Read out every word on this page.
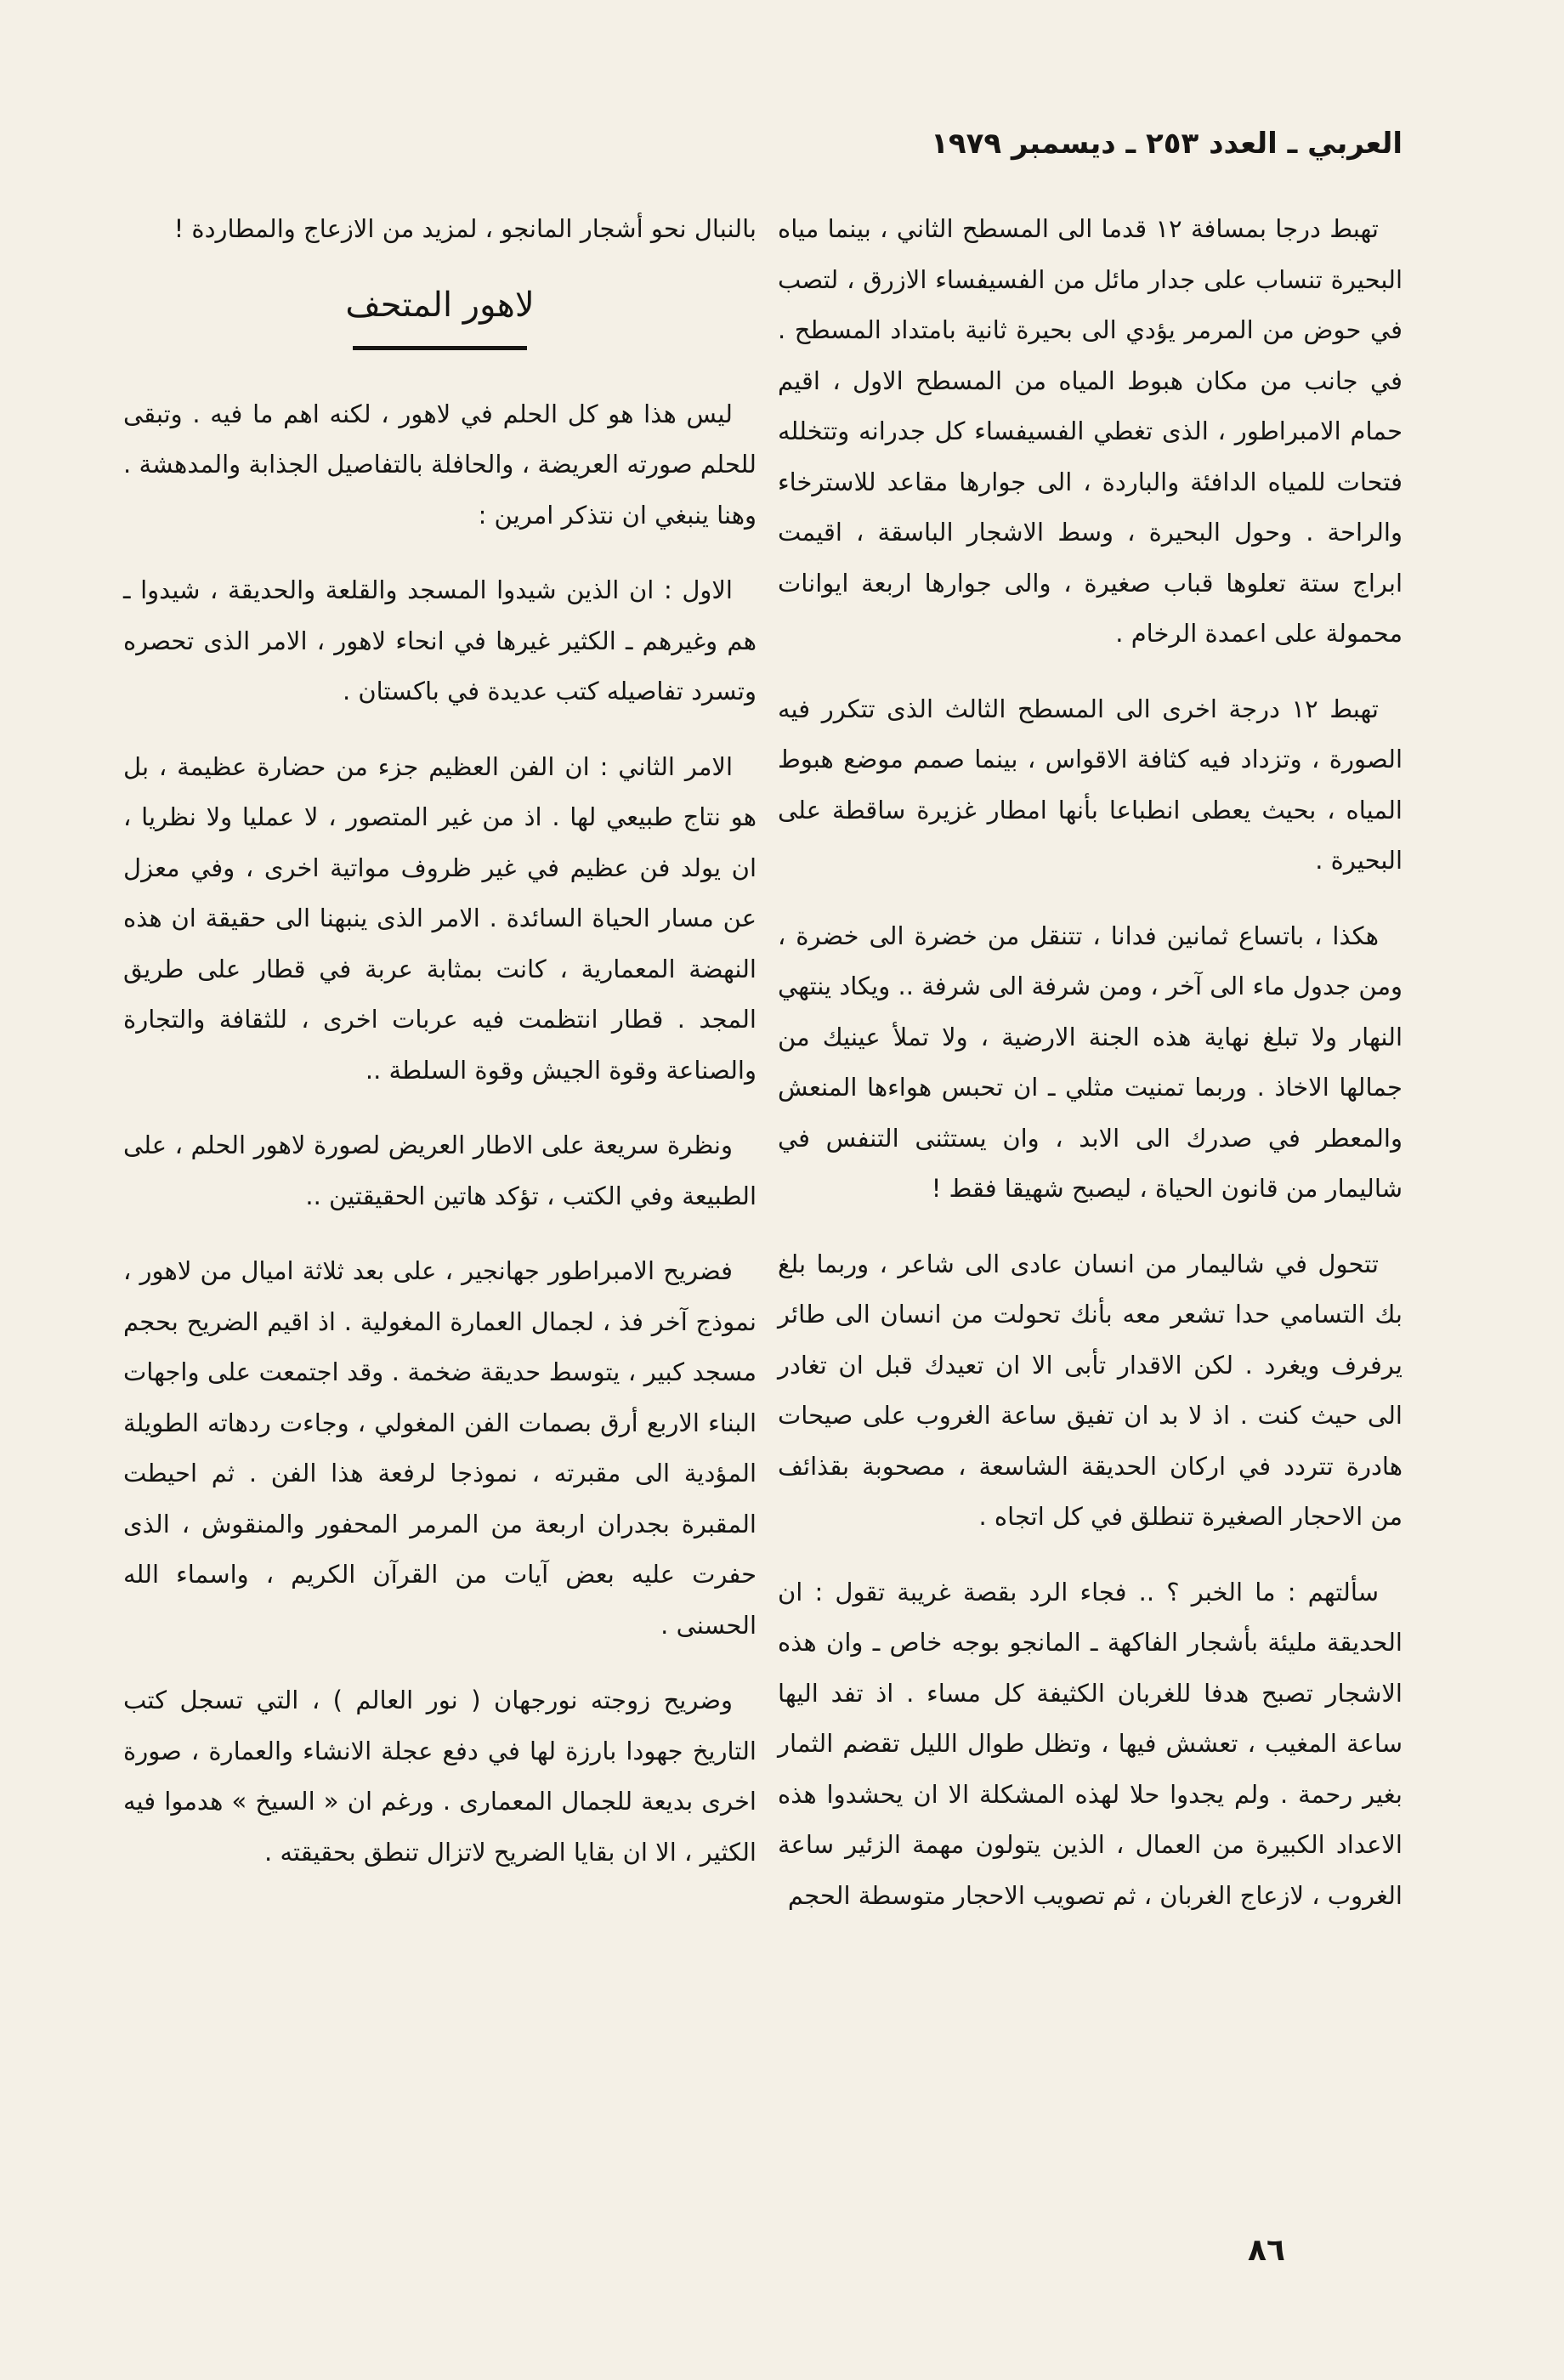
العربي ـ العدد ٢٥٣ ـ ديسمبر ١٩٧٩

تهبط درجا بمسافة ١٢ قدما الى المسطح الثاني ، بينما مياه البحيرة تنساب على جدار مائل من الفسيفساء الازرق ، لتصب في حوض من المرمر يؤدي الى بحيرة ثانية بامتداد المسطح . في جانب من مكان هبوط المياه من المسطح الاول ، اقيم حمام الامبراطور ، الذى تغطي الفسيفساء كل جدرانه وتتخلله فتحات للمياه الدافئة والباردة ، الى جوارها مقاعد للاسترخاء والراحة . وحول البحيرة ، وسط الاشجار الباسقة ، اقيمت ابراج ستة تعلوها قباب صغيرة ، والى جوارها اربعة ايوانات محمولة على اعمدة الرخام .

تهبط ١٢ درجة اخرى الى المسطح الثالث الذى تتكرر فيه الصورة ، وتزداد فيه كثافة الاقواس ، بينما صمم موضع هبوط المياه ، بحيث يعطى انطباعا بأنها امطار غزيرة ساقطة على البحيرة .

هكذا ، باتساع ثمانين فدانا ، تتنقل من خضرة الى خضرة ، ومن جدول ماء الى آخر ، ومن شرفة الى شرفة .. ويكاد ينتهي النهار ولا تبلغ نهاية هذه الجنة الارضية ، ولا تملأ عينيك من جمالها الاخاذ . وربما تمنيت مثلي ـ ان تحبس هواءها المنعش والمعطر في صدرك الى الابد ، وان يستثنى التنفس في شاليمار من قانون الحياة ، ليصبح شهيقا فقط !

تتحول في شاليمار من انسان عادى الى شاعر ، وربما بلغ بك التسامي حدا تشعر معه بأنك تحولت من انسان الى طائر يرفرف ويغرد . لكن الاقدار تأبى الا ان تعيدك قبل ان تغادر الى حيث كنت . اذ لا بد ان تفيق ساعة الغروب على صيحات هادرة تتردد في اركان الحديقة الشاسعة ، مصحوبة بقذائف من الاحجار الصغيرة تنطلق في كل اتجاه .

سألتهم : ما الخبر ؟ .. فجاء الرد بقصة غريبة تقول : ان الحديقة مليئة بأشجار الفاكهة ـ المانجو بوجه خاص ـ وان هذه الاشجار تصبح هدفا للغربان الكثيفة كل مساء . اذ تفد اليها ساعة المغيب ، تعشش فيها ، وتظل طوال الليل تقضم الثمار بغير رحمة . ولم يجدوا حلا لهذه المشكلة الا ان يحشدوا هذه الاعداد الكبيرة من العمال ، الذين يتولون مهمة الزئير ساعة الغروب ، لازعاج الغربان ، ثم تصويب الاحجار متوسطة الحجم

بالنبال نحو أشجار المانجو ، لمزيد من الازعاج والمطاردة !

لاهور المتحف

ليس هذا هو كل الحلم في لاهور ، لكنه اهم ما فيه . وتبقى للحلم صورته العريضة ، والحافلة بالتفاصيل الجذابة والمدهشة . وهنا ينبغي ان نتذكر امرين :

الاول : ان الذين شيدوا المسجد والقلعة والحديقة ، شيدوا ـ هم وغيرهم ـ الكثير غيرها في انحاء لاهور ، الامر الذى تحصره وتسرد تفاصيله كتب عديدة في باكستان .

الامر الثاني : ان الفن العظيم جزء من حضارة عظيمة ، بل هو نتاج طبيعي لها . اذ من غير المتصور ، لا عمليا ولا نظريا ، ان يولد فن عظيم في غير ظروف مواتية اخرى ، وفي معزل عن مسار الحياة السائدة . الامر الذى ينبهنا الى حقيقة ان هذه النهضة المعمارية ، كانت بمثابة عربة في قطار على طريق المجد . قطار انتظمت فيه عربات اخرى ، للثقافة والتجارة والصناعة وقوة الجيش وقوة السلطة ..

ونظرة سريعة على الاطار العريض لصورة لاهور الحلم ، على الطبيعة وفي الكتب ، تؤكد هاتين الحقيقتين ..

فضريح الامبراطور جهانجير ، على بعد ثلاثة اميال من لاهور ، نموذج آخر فذ ، لجمال العمارة المغولية . اذ اقيم الضريح بحجم مسجد كبير ، يتوسط حديقة ضخمة . وقد اجتمعت على واجهات البناء الاربع أرق بصمات الفن المغولي ، وجاءت ردهاته الطويلة المؤدية الى مقبرته ، نموذجا لرفعة هذا الفن . ثم احيطت المقبرة بجدران اربعة من المرمر المحفور والمنقوش ، الذى حفرت عليه بعض آيات من القرآن الكريم ، واسماء الله الحسنى .

وضريح زوجته نورجهان ( نور العالم ) ، التي تسجل كتب التاريخ جهودا بارزة لها في دفع عجلة الانشاء والعمارة ، صورة اخرى بديعة للجمال المعمارى . ورغم ان « السيخ » هدموا فيه الكثير ، الا ان بقايا الضريح لاتزال تنطق بحقيقته .

٨٦
